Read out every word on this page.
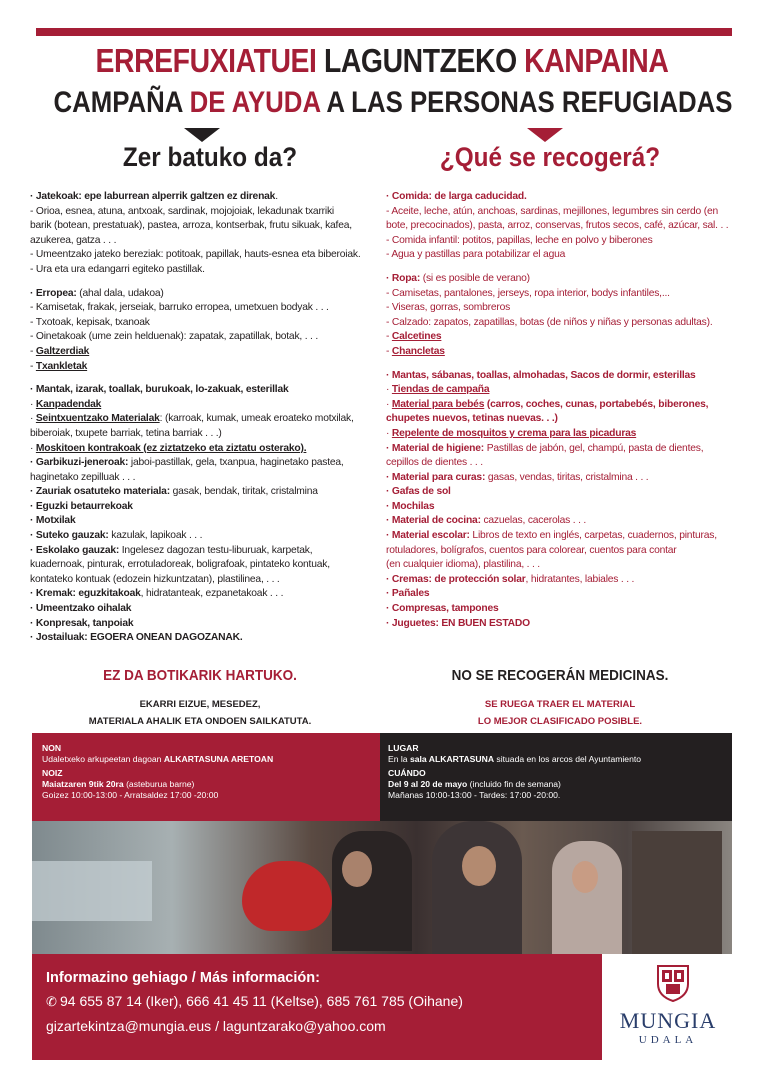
ERREFUXIATUEI LAGUNTZEKO KANPAINA
CAMPAÑA DE AYUDA A LAS PERSONAS REFUGIADAS
Zer batuko da?	¿Qué se recogerá?
· Jatekoak: epe laburrean alperrik galtzen ez direnak.
- Orioa, esnea, atuna, antxoak, sardinak, mojojoiak, lekadunak txarriki
barik (botean, prestatuak), pastea, arroza, kontserbak, frutu sikuak, kafea,
azukerea, gatza . . .
- Umeentzako jateko bereziak: potitoak, papillak, hauts-esnea eta biberoiak.
- Ura eta ura edangarri egiteko pastillak.
· Erropea: (ahal dala, udakoa)
- Kamisetak, frakak, jerseiak, barruko erropea, umetxuen bodyak . . .
- Txotoak, kepisak, txanoak
- Oinetakoak (ume zein helduenak): zapatak, zapatillak, botak, . . .
- Galtzerdiak
- Txankletak
· Mantak, izarak, toallak, burukoak, lo-zakuak, esterillak
· Kanpadendak
· Seintxuentzako Materialak: (karroak, kumak, umeak eroateko motxilak,
biberoiak, txupete barriak, tetina barriak . . .)
· Moskitoen kontrakoak (ez ziztatzeko eta ziztatu osterako).
· Garbikuzi-jeneroak: jaboi-pastillak, gela, txanpua, haginetako pastea,
haginetako zepilluak . . .
· Zauriak osatuteko materiala: gasak, bendak, tiritak, cristalmina
· Eguzki betaurrekoak
· Motxilak
· Suteko gauzak: kazulak, lapikoak . . .
· Eskolako gauzak: Ingelesez dagozan testu-liburuak, karpetak,
kuadernoak, pinturak, errotuladoreak, boligrafoak, pintateko kontuak,
kontateko kontuak (edozein hizkuntzatan), plastilinea, . . .
· Kremak: eguzkitakoak, hidratanteak, ezpanetakoak . . .
· Umeentzako oihalak
· Konpresak, tanpoiak
· Jostailuak: EGOERA ONEAN DAGOZANAK.
· Comida: de larga caducidad.
- Aceite, leche, atún, anchoas, sardinas, mejillones, legumbres sin cerdo (en
bote, precocinados), pasta, arroz, conservas, frutos secos, café, azúcar, sal. . .
- Comida infantil: potitos, papillas, leche en polvo y biberones
- Agua y pastillas para potabilizar el agua
· Ropa: (si es posible de verano)
- Camisetas, pantalones, jerseys, ropa interior, bodys infantiles,...
- Viseras, gorras, sombreros
- Calzado: zapatos, zapatillas, botas (de niños y niñas y personas adultas).
- Calcetines
- Chancletas
· Mantas, sábanas, toallas, almohadas, Sacos de dormir, esterillas
· Tiendas de campaña
· Material para bebés (carros, coches, cunas, portabebés, biberones,
chupetes nuevos, tetinas nuevas. . .)
· Repelente de mosquitos y crema para las picaduras
· Material de higiene: Pastillas de jabón, gel, champú, pasta de dientes,
cepillos de dientes . . .
· Material para curas: gasas, vendas, tiritas, cristalmina . . .
· Gafas de sol
· Mochilas
· Material de cocina: cazuelas, cacerolas . . .
· Material escolar: Libros de texto en inglés, carpetas, cuadernos, pinturas,
rotuladores, bolígrafos, cuentos para colorear, cuentos para contar
(en cualquier idioma), plastilina, . . .
· Cremas: de protección solar, hidratantes, labiales . . .
· Pañales
· Compresas, tampones
· Juguetes: EN BUEN ESTADO
EZ DA BOTIKARIK HARTUKO.	NO SE RECOGERÁN MEDICINAS.
EKARRI EIZUE, MESEDEZ,
MATERIALA AHALIK ETA ONDOEN SAILKATUTA.
SE RUEGA TRAER EL MATERIAL
LO MEJOR CLASIFICADO POSIBLE.
NON
Udaletxeko arkupeetan dagoan ALKARTASUNA ARETOAN
NOIZ
Maiatzaren 9tik 20ra (asteburua barne)
Goizez 10:00-13:00 - Arratsaldez 17:00 -20:00
LUGAR
En la sala ALKARTASUNA situada en los arcos del Ayuntamiento
CUÁNDO
Del 9 al 20 de mayo (incluido fin de semana)
Mañanas 10:00-13:00 - Tardes: 17:00 -20:00.
Informazino gehiago / Más información:
✆ 94 655 87 14 (Iker), 666 41 45 11 (Keltse), 685 761 785 (Oihane)
gizartekintza@mungia.eus / laguntzarako@yahoo.com	MUNGIA
UDALA
